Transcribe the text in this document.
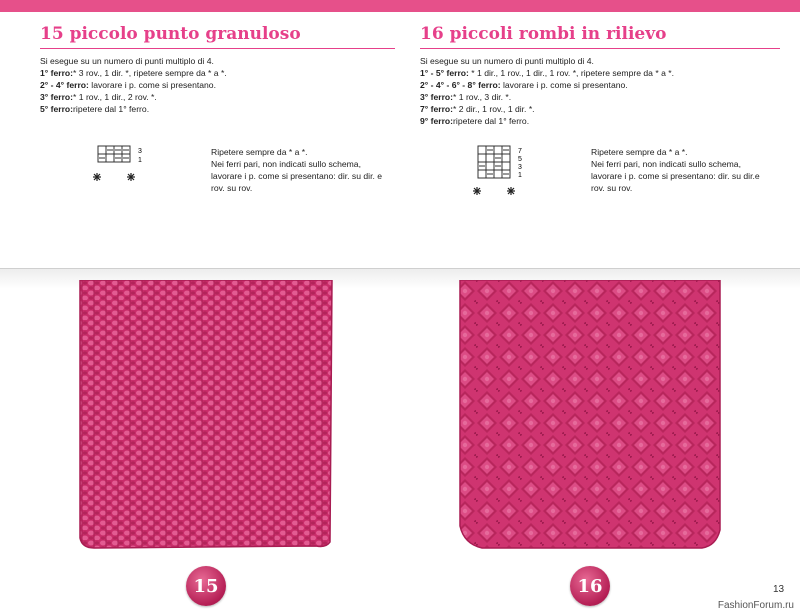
15 piccolo punto granuloso
Si esegue su un numero di punti multiplo di 4.
1° ferro:* 3 rov., 1 dir. *, ripetere sempre da * a *.
2° - 4° ferro: lavorare i p. come si presentano.
3° ferro:* 1 rov., 1 dir., 2 rov. *.
5° ferro:ripetere dal 1° ferro.
3
1
Ripetere sempre da * a *.
Nei ferri pari, non indicati sullo schema, lavorare i p. come si presentano: dir. su dir. e rov. su rov.
16 piccoli rombi in rilievo
Si esegue su un numero di punti multiplo di 4.
1° - 5° ferro: * 1 dir., 1 rov., 1 dir., 1 rov. *, ripetere sempre da * a *.
2° - 4° - 6° - 8° ferro: lavorare i p. come si presentano.
3° ferro:* 1 rov., 3 dir. *.
7° ferro:* 2 dir., 1 rov., 1 dir. *.
9° ferro:ripetere dal 1° ferro.
7
5
3
1
Ripetere sempre da * a *.
Nei ferri pari, non indicati sullo schema, lavorare i p. come si presentano: dir. su dir.e rov. su rov.
15	16	13
FashionForum.ru
